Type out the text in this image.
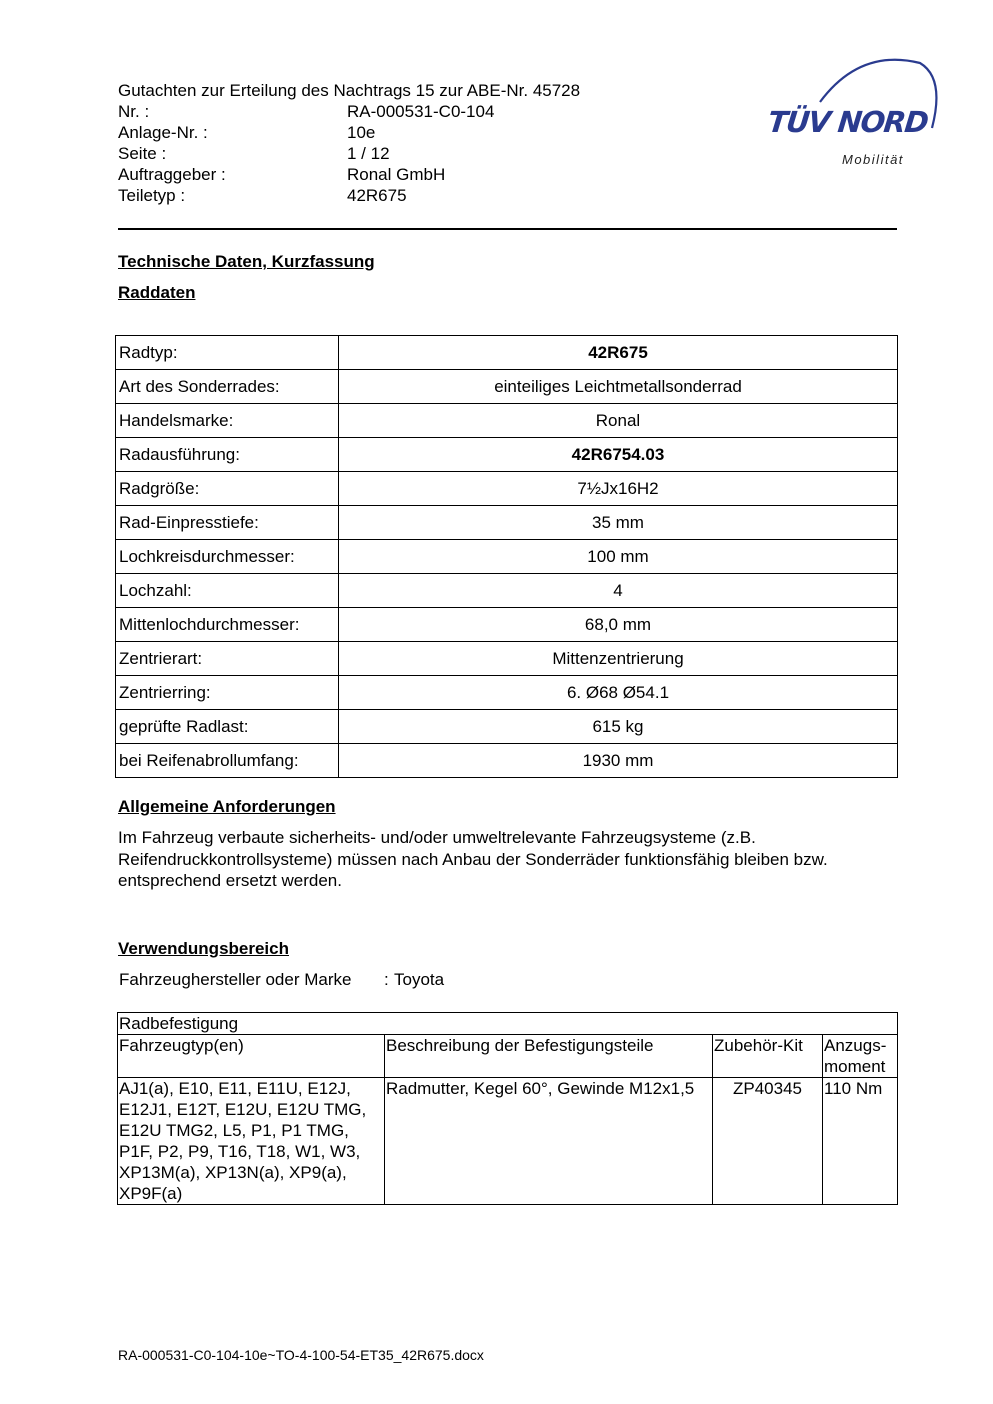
Gutachten zur Erteilung des Nachtrags 15 zur ABE-Nr. 45728
Nr. :	RA-000531-C0-104
Anlage-Nr. :	10e
Seite :	1 / 12
Auftraggeber :	Ronal GmbH
Teiletyp :	42R675
TÜV NORD
Mobilität
Technische Daten, Kurzfassung
Raddaten
Radtyp:	42R675
Art des Sonderrades:	einteiliges Leichtmetallsonderrad
Handelsmarke:	Ronal
Radausführung:	42R6754.03
Radgröße:	7½Jx16H2
Rad-Einpresstiefe:	35 mm
Lochkreisdurchmesser:	100 mm
Lochzahl:	4
Mittenlochdurchmesser:	68,0 mm
Zentrierart:	Mittenzentrierung
Zentrierring:	6. Ø68 Ø54.1
geprüfte Radlast:	615 kg
bei Reifenabrollumfang:	1930 mm
Allgemeine Anforderungen
Im Fahrzeug verbaute sicherheits- und/oder umweltrelevante Fahrzeugsysteme (z.B. Reifendruckkontrollsysteme) müssen nach Anbau der Sonderräder funktionsfähig bleiben bzw. entsprechend ersetzt werden.
Verwendungsbereich
Fahrzeughersteller oder Marke : Toyota
Radbefestigung			
Fahrzeugtyp(en)	Beschreibung der Befestigungsteile	Zubehör-Kit	Anzugs-
moment
AJ1(a), E10, E11, E11U, E12J, E12J1, E12T, E12U, E12U TMG, E12U TMG2, L5, P1, P1 TMG, P1F, P2, P9, T16, T18, W1, W3, XP13M(a), XP13N(a), XP9(a), XP9F(a)	Radmutter, Kegel 60°, Gewinde M12x1,5	ZP40345	110 Nm
RA-000531-C0-104-10e~TO-4-100-54-ET35_42R675.docx
